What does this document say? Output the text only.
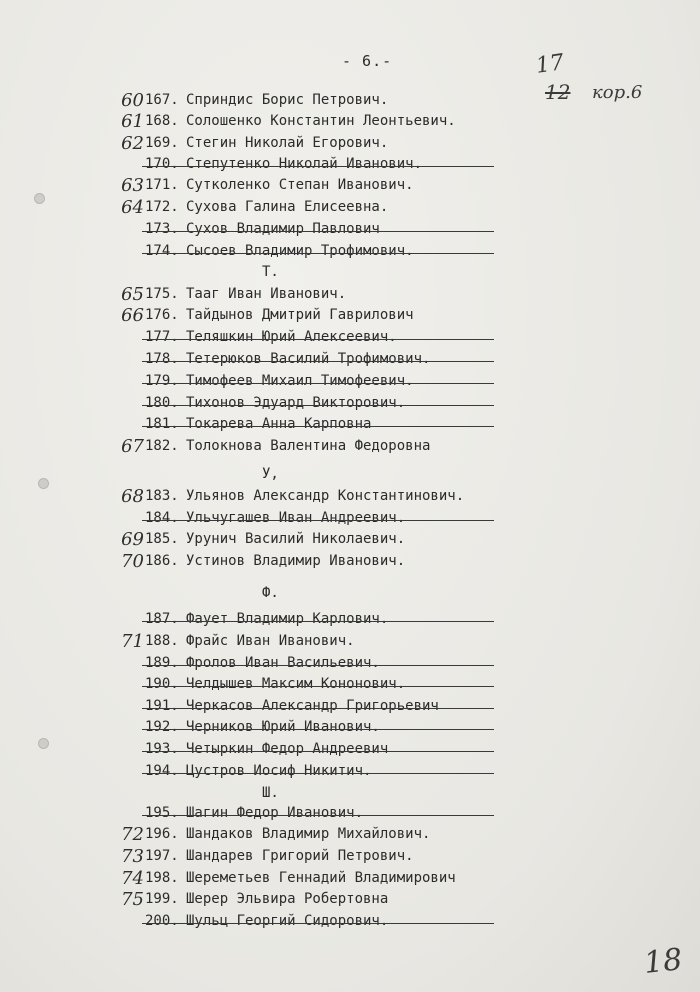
- 6.-	17
12 кор.6
18
60 167. Сприндис Борис Петрович.
61 168. Солошенко Константин Леонтьевич.
62 169. Стегин Николай Егорович.
170. Степутенко Николай Иванович.
63 171. Сутколенко Степан Иванович.
64 172. Сухова Галина Елисеевна.
173. Сухов Владимир Павлович
174. Сысоев Владимир Трофимович.
Т.
65 175. Тааг Иван Иванович.
66 176. Тайдынов Дмитрий Гаврилович
177. Теляшкин Юрий Алексеевич.
178. Тетерюков Василий Трофимович.
179. Тимофеев Михаил Тимофеевич.
180. Тихонов Эдуард Викторович.
181. Токарева Анна Карповна
67 182. Толокнова Валентина Федоровна
У,
68 183. Ульянов Александр Константинович.
184. Ульчугашев Иван Андреевич.
69 185. Урунич Василий Николаевич.
70 186. Устинов Владимир Иванович.
Ф.
187. Фаует Владимир Карлович.
71 188. Фрайс Иван Иванович.
189. Фролов Иван Васильевич.
190. Челдышев Максим Кононович.
191. Черкасов Александр Григорьевич
192. Черников Юрий Иванович.
193. Четыркин Федор Андреевич
194. Цустров Иосиф Никитич.
Ш.
195. Шагин Федор Иванович.
72 196. Шандаков Владимир Михайлович.
73 197. Шандарев Григорий Петрович.
74 198. Шереметьев Геннадий Владимирович
75 199. Шерер Эльвира Робертовна
200. Шульц Георгий Сидорович.
